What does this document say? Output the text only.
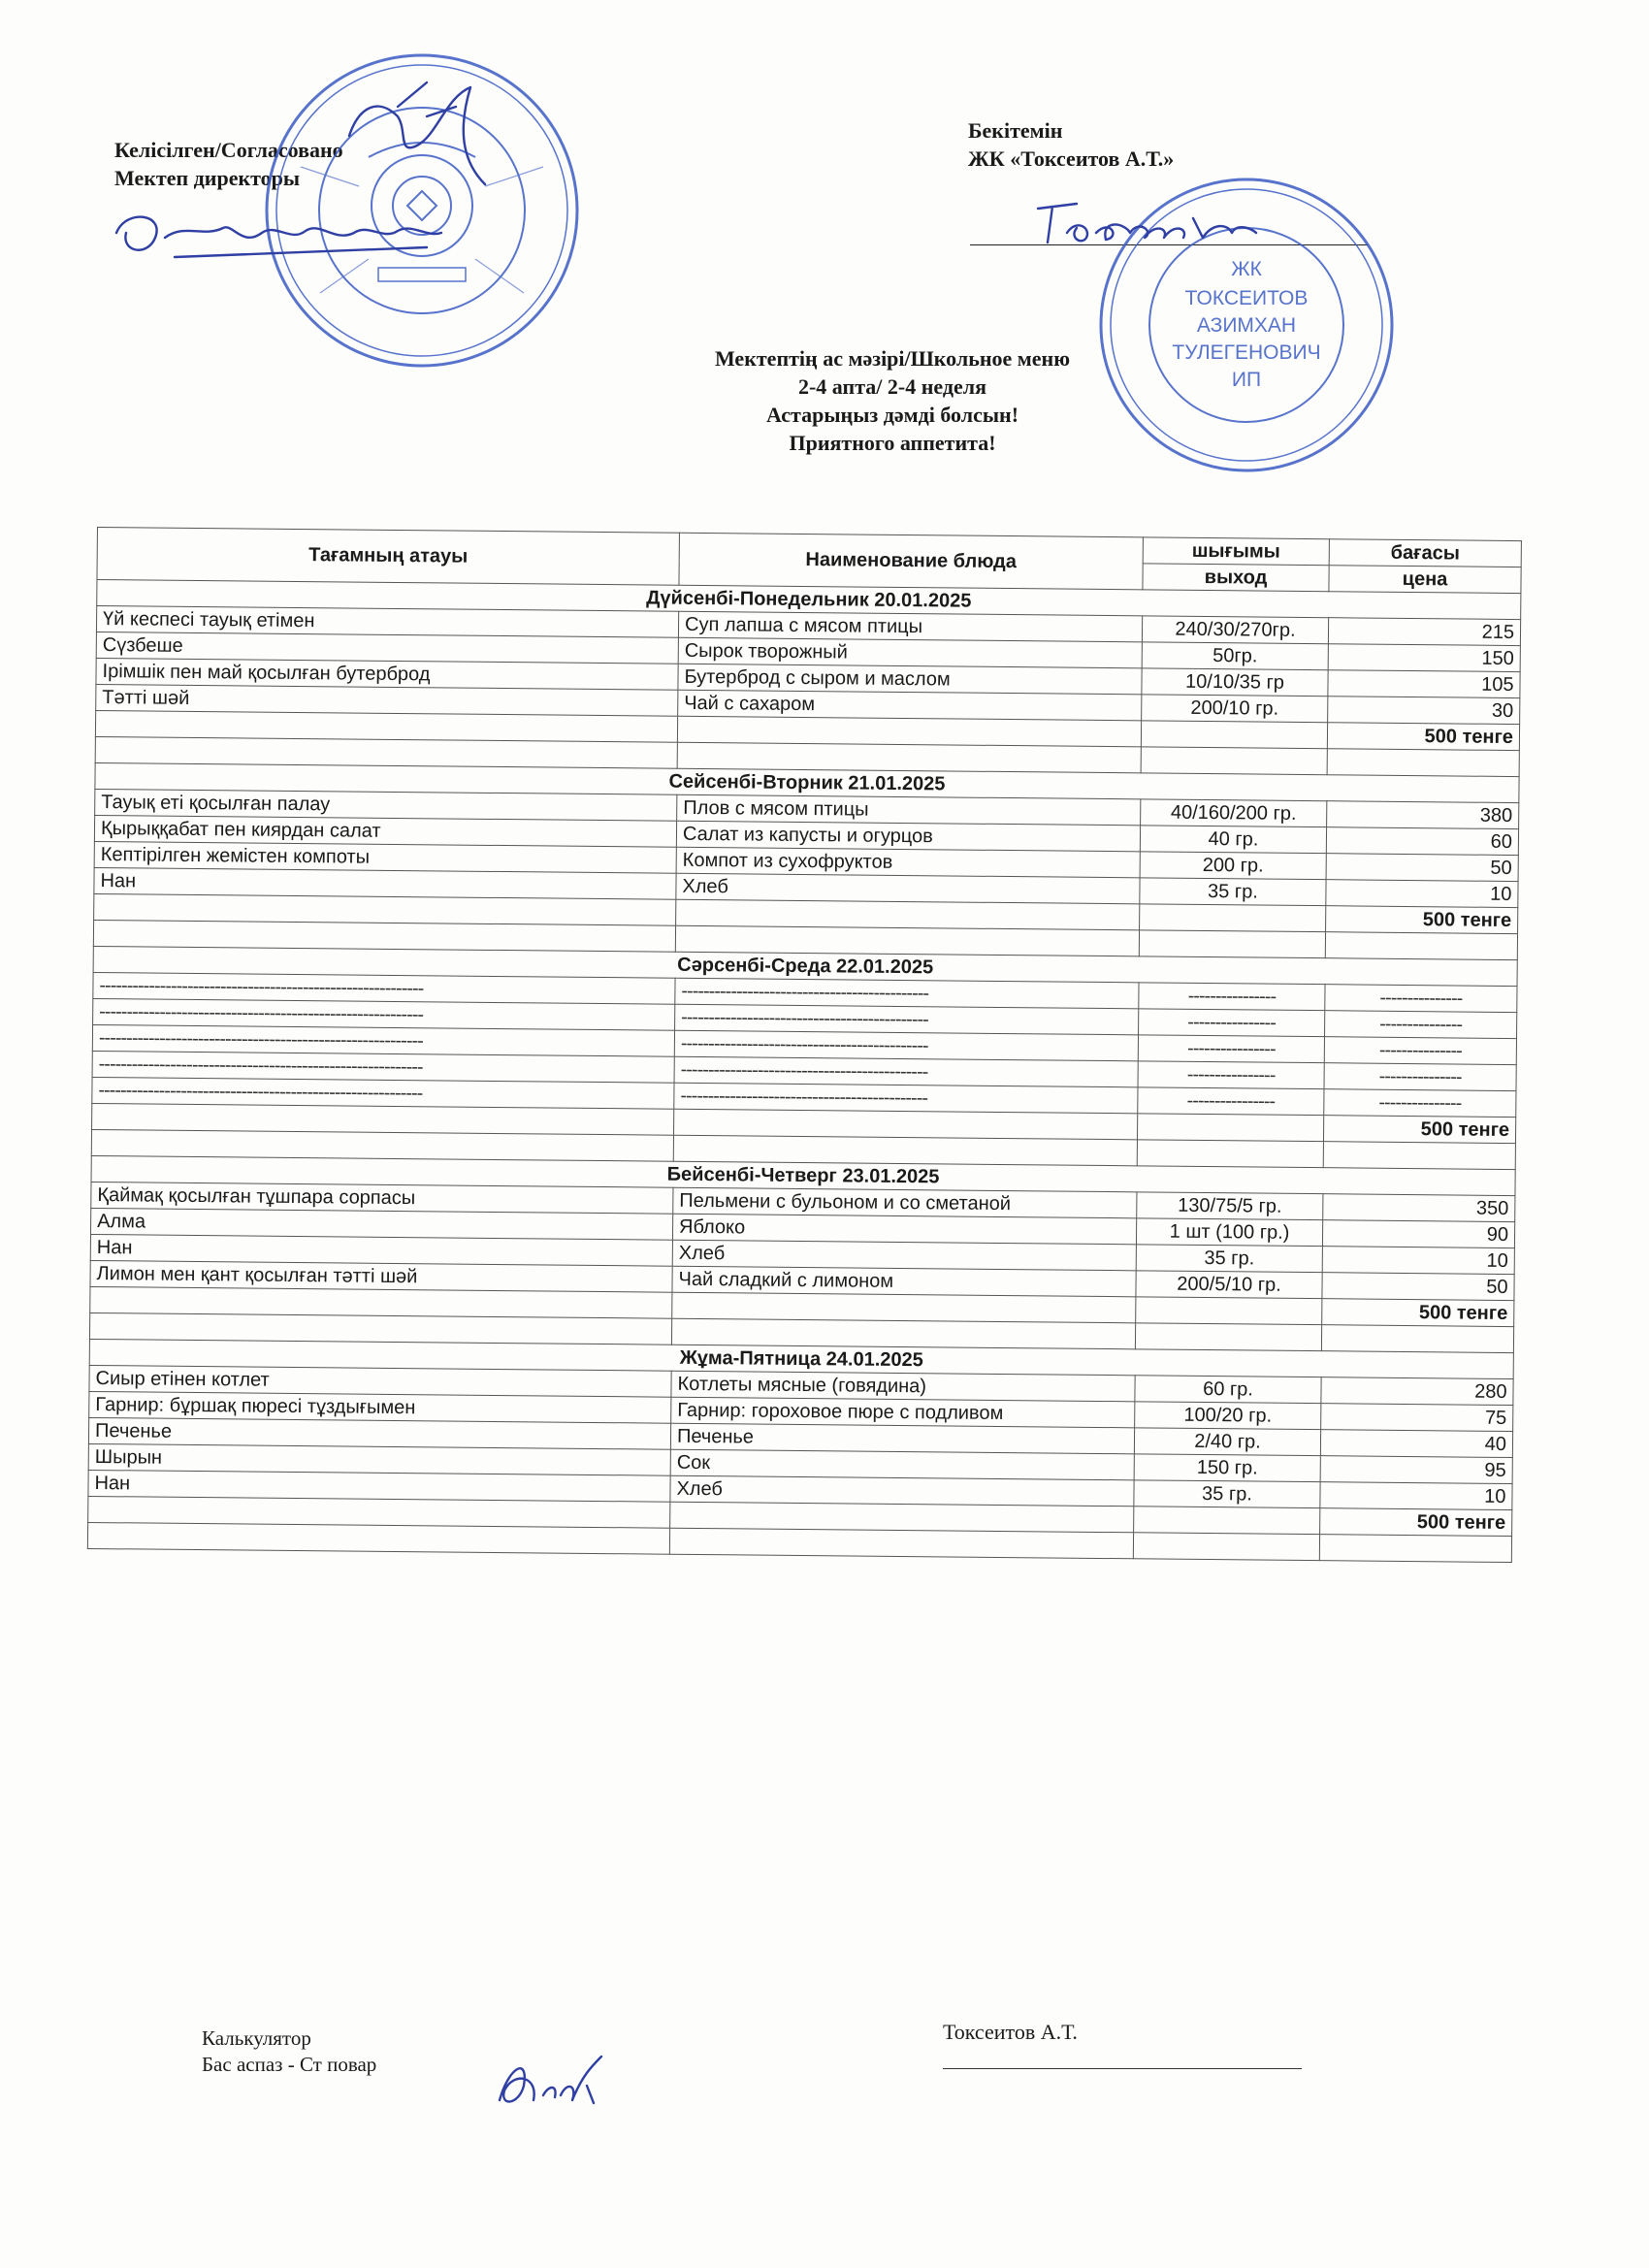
Келісілген/Согласовано
Мектеп директоры
Бекітемін
ЖК «Токсеитов А.Т.»
ЖК
ТОКСЕИТОВ
АЗИМХАН
ТУЛЕГЕНОВИЧ
ИП
Мектептің ас мәзірі/Школьное меню
2-4 апта/ 2-4 неделя
Астарыңыз дәмді болсын!
Приятного аппетита!
Тағамның атауы	Наименование блюда	шығымы	бағасы
		выход	цена
Дүйсенбі-Понедельник 20.01.2025			
Үй кеспесі тауық етімен	Суп лапша с мясом птицы	240/30/270гр.	215
Сүзбеше	Сырок творожный	50гр.	150
Ірімшік пен май қосылған бутерброд	Бутерброд с сыром и маслом	10/10/35 гр	105
Тәтті шәй	Чай с сахаром	200/10 гр.	30
			500 тенге

Сейсенбі-Вторник 21.01.2025			
Тауық еті қосылған палау	Плов с мясом птицы	40/160/200 гр.	380
Қырыққабат пен киярдан салат	Салат из капусты и огурцов	40 гр.	60
Кептірілген жемістен компоты	Компот из сухофруктов	200 гр.	50
Нан	Хлеб	35 гр.	10
			500 тенге

Сәрсенбі-Среда 22.01.2025			
-----------------------------------------------------------	---------------------------------------------	----------------	---------------
-----------------------------------------------------------	---------------------------------------------	----------------	---------------
-----------------------------------------------------------	---------------------------------------------	----------------	---------------
-----------------------------------------------------------	---------------------------------------------	----------------	---------------
-----------------------------------------------------------	---------------------------------------------	----------------	---------------
			500 тенге

Бейсенбі-Четверг 23.01.2025			
Қаймақ қосылған тұшпара сорпасы	Пельмени с бульоном и со сметаной	130/75/5 гр.	350
Алма	Яблоко	1 шт (100 гр.)	90
Нан	Хлеб	35 гр.	10
Лимон мен қант қосылған тәтті шәй	Чай сладкий с лимоном	200/5/10 гр.	50
			500 тенге

Жұма-Пятница 24.01.2025			
Сиыр етінен котлет	Котлеты мясные (говядина)	60 гр.	280
Гарнир: бұршақ пюресі тұздығымен	Гарнир: гороховое пюре с подливом	100/20 гр.	75
Печенье	Печенье	2/40 гр.	40
Шырын	Сок	150 гр.	95
Нан	Хлеб	35 гр.	10
			500 тенге

Калькулятор
Бас аспаз - Ст повар
Токсеитов А.Т.
